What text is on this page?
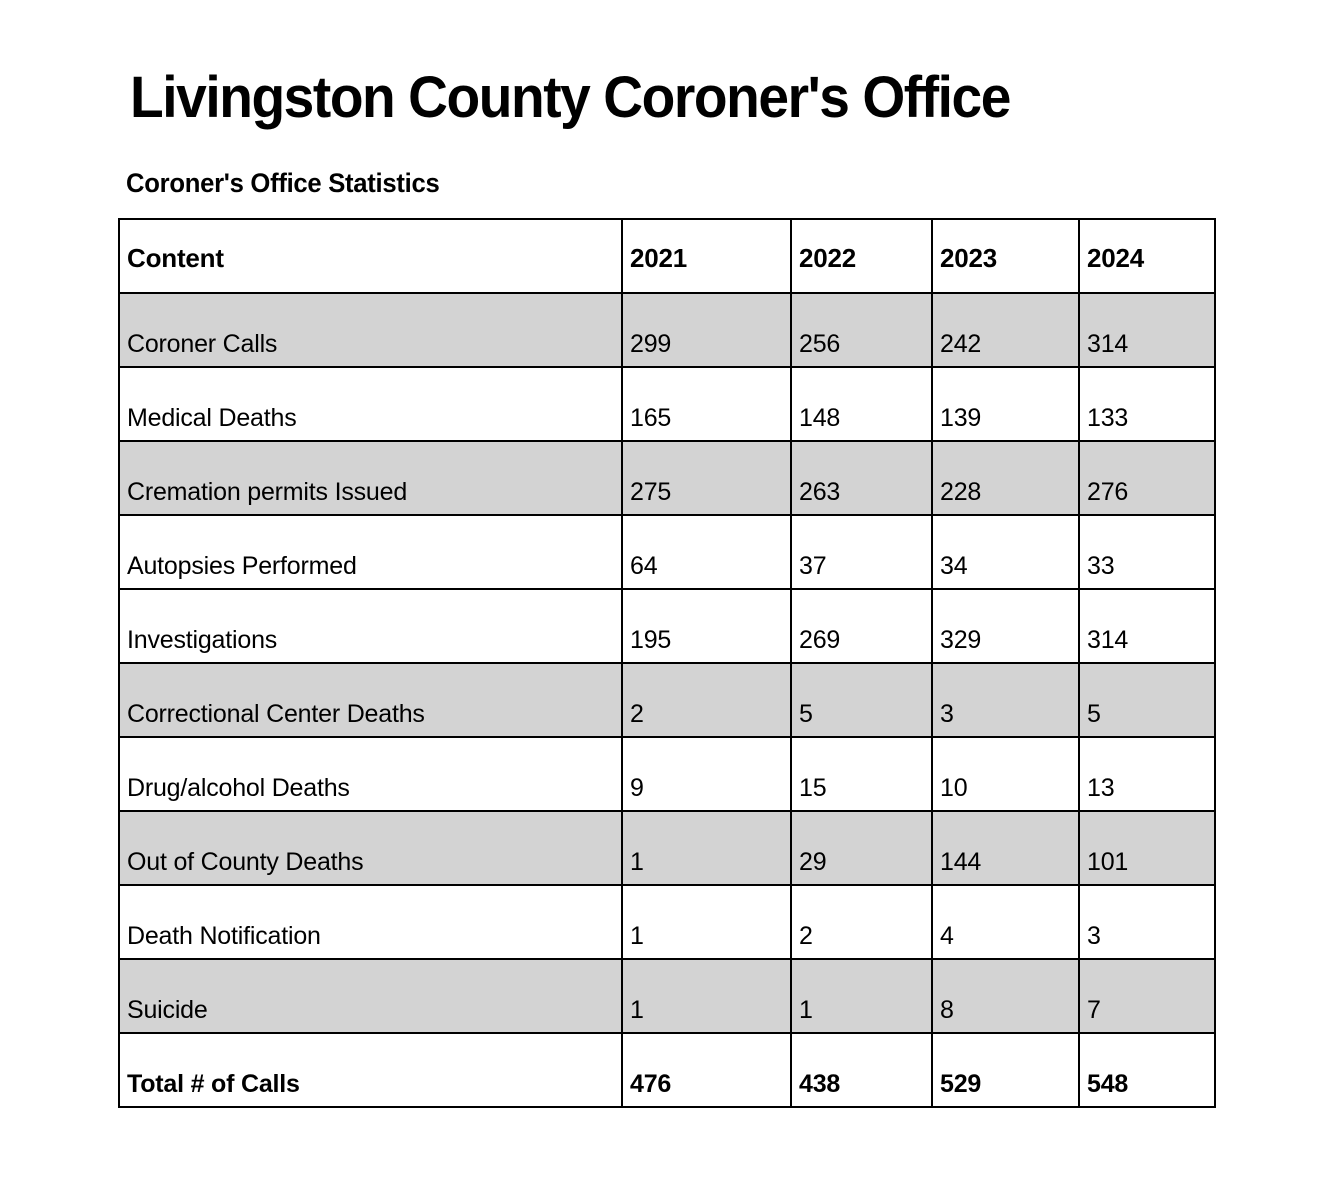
Livingston County Coroner's Office
Coroner's Office Statistics
Content	2021	2022	2023	2024
Coroner Calls	299	256	242	314
Medical Deaths	165	148	139	133
Cremation permits Issued	275	263	228	276
Autopsies Performed	64	37	34	33
Investigations	195	269	329	314
Correctional Center Deaths	2	5	3	5
Drug/alcohol Deaths	9	15	10	13
Out of County Deaths	1	29	144	101
Death Notification	1	2	4	3
Suicide	1	1	8	7
Total # of Calls	476	438	529	548
